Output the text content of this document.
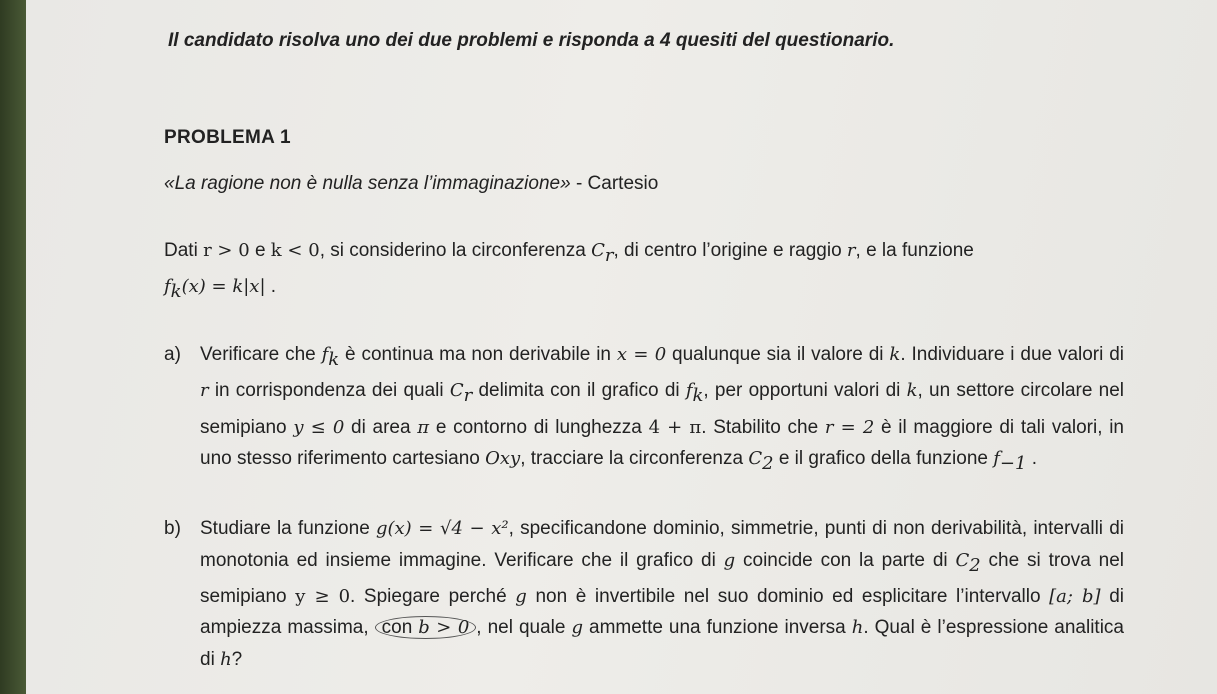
Il candidato risolva uno dei due problemi e risponda a 4 quesiti del questionario.
PROBLEMA 1
«La ragione non è nulla senza l’immaginazione» - Cartesio
Dati r > 0 e k < 0, si considerino la circonferenza $C_r$, di centro l’origine e raggio r, e la funzione
$f_k(x) = k|x|$ .
a) Verificare che $f_k$ è continua ma non derivabile in x = 0 qualunque sia il valore di k. Individuare i due valori di r in corrispondenza dei quali $C_r$ delimita con il grafico di $f_k$, per opportuni valori di k, un settore circolare nel semipiano y ≤ 0 di area π e contorno di lunghezza 4 + π. Stabilito che r = 2 è il maggiore di tali valori, in uno stesso riferimento cartesiano Oxy, tracciare la circonferenza $C_2$ e il grafico della funzione $f_{-1}$ .
b) Studiare la funzione g(x) = √4 − x², specificandone dominio, simmetrie, punti di non derivabilità, intervalli di monotonia ed insieme immagine. Verificare che il grafico di g coincide con la parte di $C_2$ che si trova nel semipiano y ≥ 0. Spiegare perché g non è invertibile nel suo dominio ed esplicitare l’intervallo [a; b] di ampiezza massima, con b > 0 , nel quale g ammette una funzione inversa h. Qual è l’espressione analitica di h?
